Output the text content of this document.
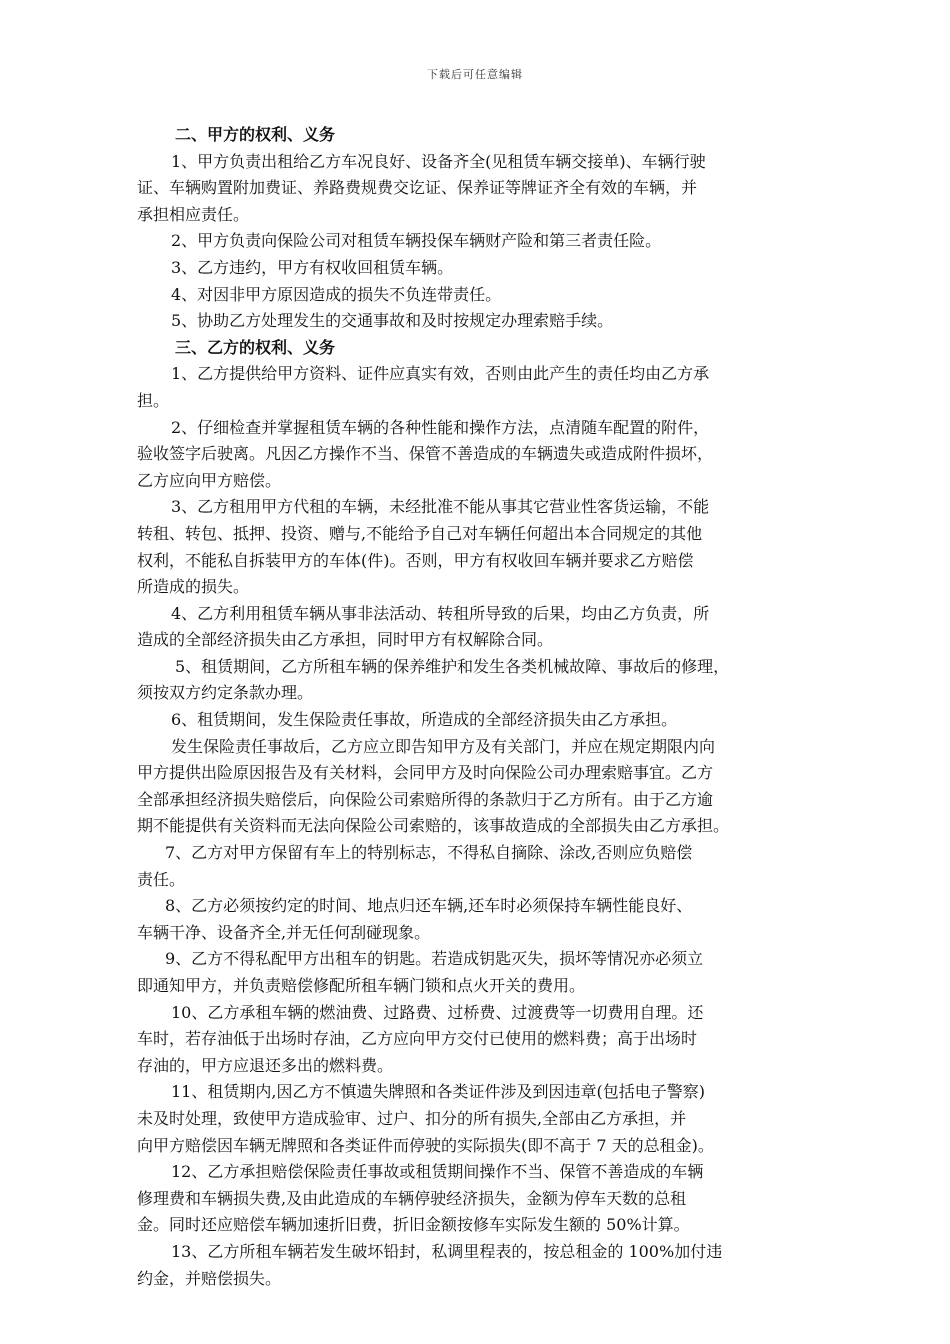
下载后可任意编辑
二、甲方的权利、义务
1、甲方负责出租给乙方车况良好、设备齐全(见租赁车辆交接单)、车辆行驶
证、车辆购置附加费证、养路费规费交讫证、保养证等牌证齐全有效的车辆，并
承担相应责任。
2、甲方负责向保险公司对租赁车辆投保车辆财产险和第三者责任险。
3、乙方违约，甲方有权收回租赁车辆。
4、对因非甲方原因造成的损失不负连带责任。
5、协助乙方处理发生的交通事故和及时按规定办理索赔手续。
三、乙方的权利、义务
1、乙方提供给甲方资料、证件应真实有效，否则由此产生的责任均由乙方承
担。
2、仔细检查并掌握租赁车辆的各种性能和操作方法，点清随车配置的附件，
验收签字后驶离。凡因乙方操作不当、保管不善造成的车辆遗失或造成附件损坏，
乙方应向甲方赔偿。
3、乙方租用甲方代租的车辆，未经批准不能从事其它营业性客货运输，不能
转租、转包、抵押、投资、赠与,不能给予自己对车辆任何超出本合同规定的其他
权利，不能私自拆装甲方的车体(件)。否则，甲方有权收回车辆并要求乙方赔偿
所造成的损失。
4、乙方利用租赁车辆从事非法活动、转租所导致的后果，均由乙方负责，所
造成的全部经济损失由乙方承担，同时甲方有权解除合同。
5、租赁期间，乙方所租车辆的保养维护和发生各类机械故障、事故后的修理，
须按双方约定条款办理。
6、租赁期间，发生保险责任事故，所造成的全部经济损失由乙方承担。
发生保险责任事故后，乙方应立即告知甲方及有关部门，并应在规定期限内向
甲方提供出险原因报告及有关材料，会同甲方及时向保险公司办理索赔事宜。乙方
全部承担经济损失赔偿后，向保险公司索赔所得的条款归于乙方所有。由于乙方逾
期不能提供有关资料而无法向保险公司索赔的，该事故造成的全部损失由乙方承担。
7、乙方对甲方保留有车上的特别标志，不得私自摘除、涂改,否则应负赔偿
责任。
8、乙方必须按约定的时间、地点归还车辆,还车时必须保持车辆性能良好、
车辆干净、设备齐全,并无任何刮碰现象。
9、乙方不得私配甲方出租车的钥匙。若造成钥匙灭失，损坏等情况亦必须立
即通知甲方，并负责赔偿修配所租车辆门锁和点火开关的费用。
10、乙方承租车辆的燃油费、过路费、过桥费、过渡费等一切费用自理。还
车时，若存油低于出场时存油，乙方应向甲方交付已使用的燃料费；高于出场时
存油的，甲方应退还多出的燃料费。
11、租赁期内,因乙方不慎遗失牌照和各类证件涉及到因违章(包括电子警察)
未及时处理，致使甲方造成验审、过户、扣分的所有损失,全部由乙方承担，并
向甲方赔偿因车辆无牌照和各类证件而停驶的实际损失(即不高于 7 天的总租金)。
12、乙方承担赔偿保险责任事故或租赁期间操作不当、保管不善造成的车辆
修理费和车辆损失费,及由此造成的车辆停驶经济损失，金额为停车天数的总租
金。同时还应赔偿车辆加速折旧费，折旧金额按修车实际发生额的 50%计算。
13、乙方所租车辆若发生破坏铅封，私调里程表的，按总租金的 100%加付违
约金，并赔偿损失。
